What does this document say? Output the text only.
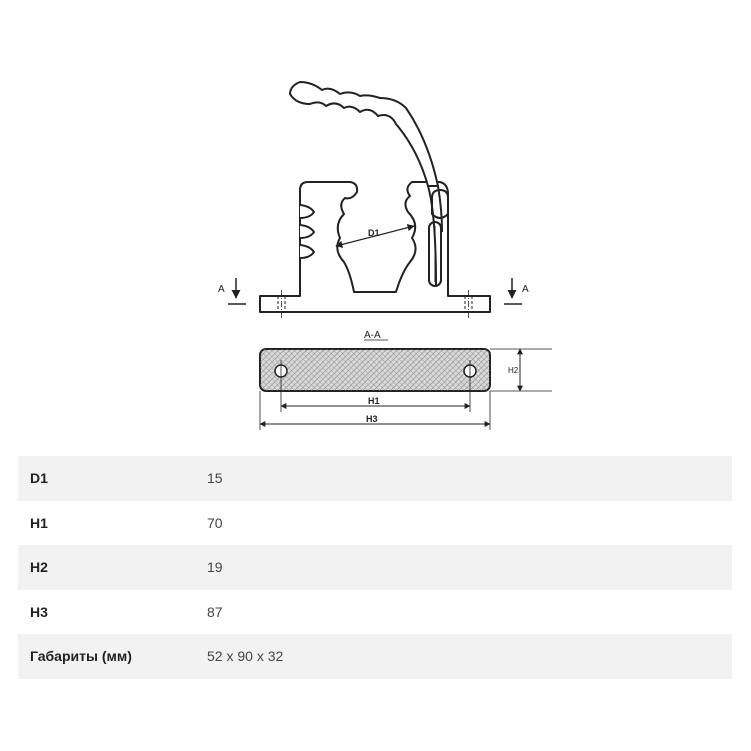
D1
A	A
A-A
H1
H3
H2
D1	15
H1	70
H2	19
H3	87
Габариты (мм)	52 х 90 х 32
